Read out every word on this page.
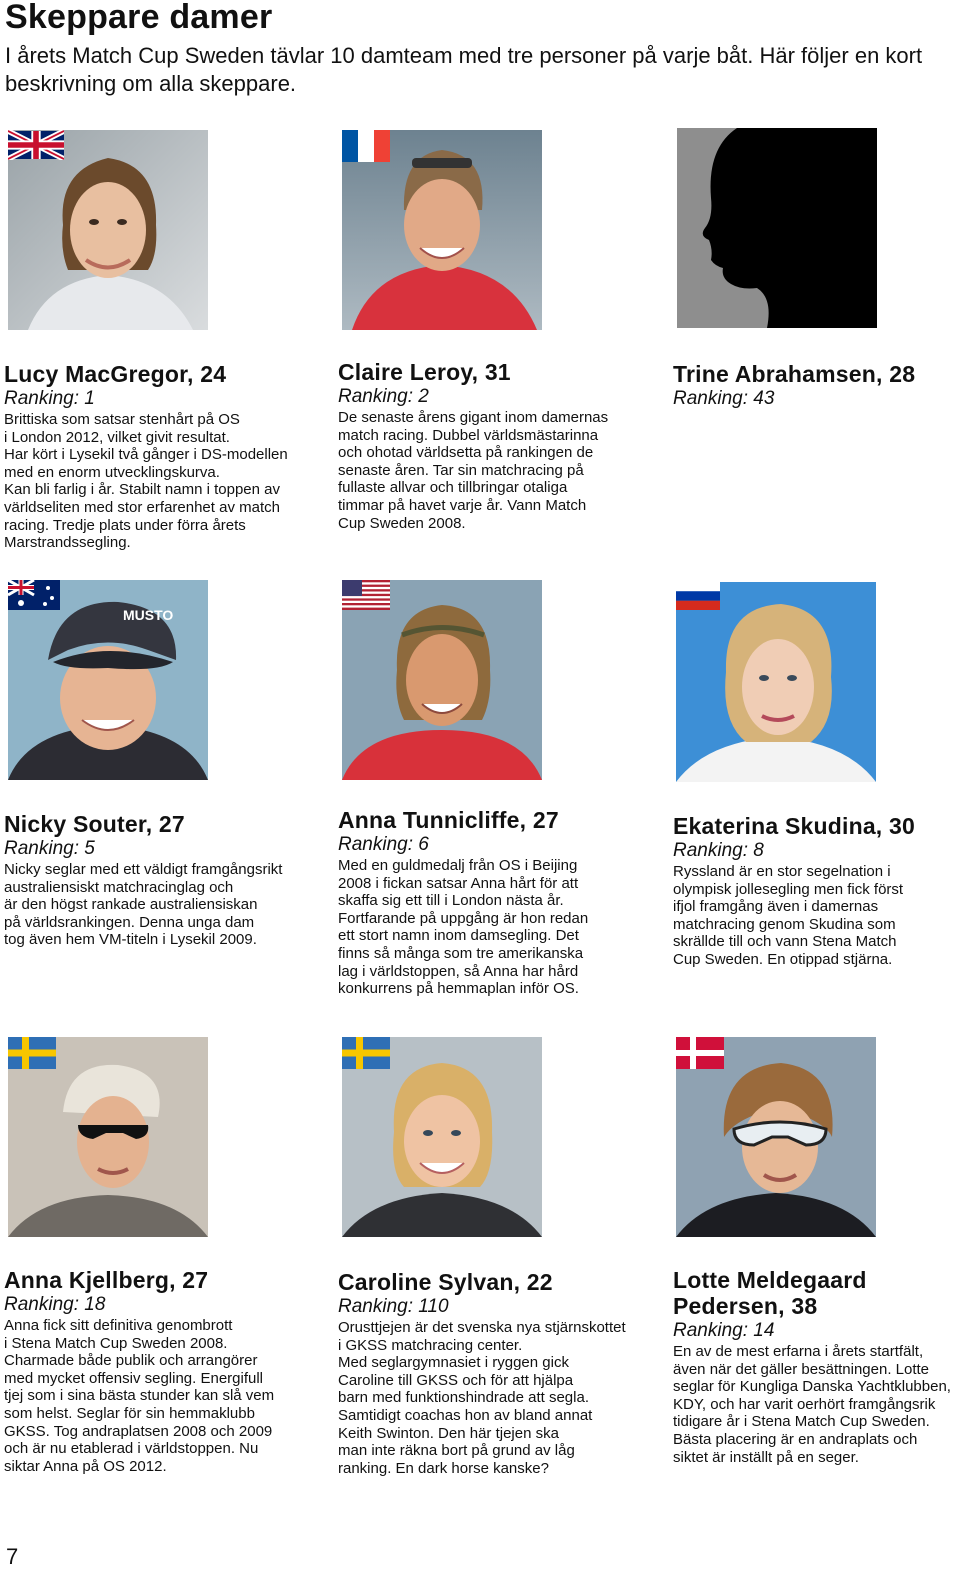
Skeppare damer

I årets Match Cup Sweden tävlar 10 damteam med tre personer på varje båt. Här följer en kort beskrivning om alla skeppare.

Lucy MacGregor, 24

Ranking: 1

Brittiska som satsar stenhårt på OS
i London 2012, vilket givit resultat.
Har kört i Lysekil två gånger i DS-modellen
med en enorm utvecklingskurva.
Kan bli farlig i år. Stabilt namn i toppen av
världseliten med stor erfarenhet av match
racing. Tredje plats under förra årets
Marstrandssegling.

Claire Leroy, 31

Ranking: 2

De senaste årens gigant inom damernas
match racing. Dubbel världsmästarinna
och ohotad världsetta på rankingen de
senaste åren. Tar sin matchracing på
fullaste allvar och tillbringar otaliga
timmar på havet varje år. Vann Match
Cup Sweden 2008.

Trine Abrahamsen, 28

Ranking: 43

MUSTO

Nicky Souter, 27

Ranking: 5

Nicky seglar med ett väldigt framgångsrikt
australiensiskt matchracinglag och
är den högst rankade australiensiskan
på världsrankingen. Denna unga dam
tog även hem VM-titeln i Lysekil 2009.

Anna Tunnicliffe, 27

Ranking: 6

Med en guldmedalj från OS i Beijing
2008 i fickan satsar Anna hårt för att
skaffa sig ett till i London nästa år.
Fortfarande på uppgång är hon redan
ett stort namn inom damsegling. Det
finns så många som tre amerikanska
lag i världstoppen, så Anna har hård
konkurrens på hemmaplan inför OS.

Ekaterina Skudina, 30

Ranking: 8

Ryssland är en stor segelnation i
olympisk jollesegling men fick först
ifjol framgång även i damernas
matchracing genom Skudina som
skrällde till och vann Stena Match
Cup Sweden. En otippad stjärna.

Anna Kjellberg, 27

Ranking: 18

Anna fick sitt definitiva genombrott
i Stena Match Cup Sweden 2008.
Charmade både publik och arrangörer
med mycket offensiv segling. Energifull
tjej som i sina bästa stunder kan slå vem
som helst. Seglar för sin hemmaklubb
GKSS. Tog andraplatsen 2008 och 2009
och är nu etablerad i världstoppen. Nu
siktar Anna på OS 2012.

Caroline Sylvan, 22

Ranking: 110

Orusttjejen är det svenska nya stjärnskottet
i GKSS matchracing center.
Med seglargymnasiet i ryggen gick
Caroline till GKSS och för att hjälpa
barn med funktionshindrade att segla.
Samtidigt coachas hon av bland annat
Keith Swinton. Den här tjejen ska
man inte räkna bort på grund av låg
ranking. En dark horse kanske?

Lotte Meldegaard

Pedersen, 38

Ranking: 14

En av de mest erfarna i årets startfält,
även när det gäller besättningen. Lotte
seglar för Kungliga Danska Yachtklubben,
KDY, och har varit oerhört framgångsrik
tidigare år i Stena Match Cup Sweden.
Bästa placering är en andraplats och
siktet är inställt på en seger.

7
